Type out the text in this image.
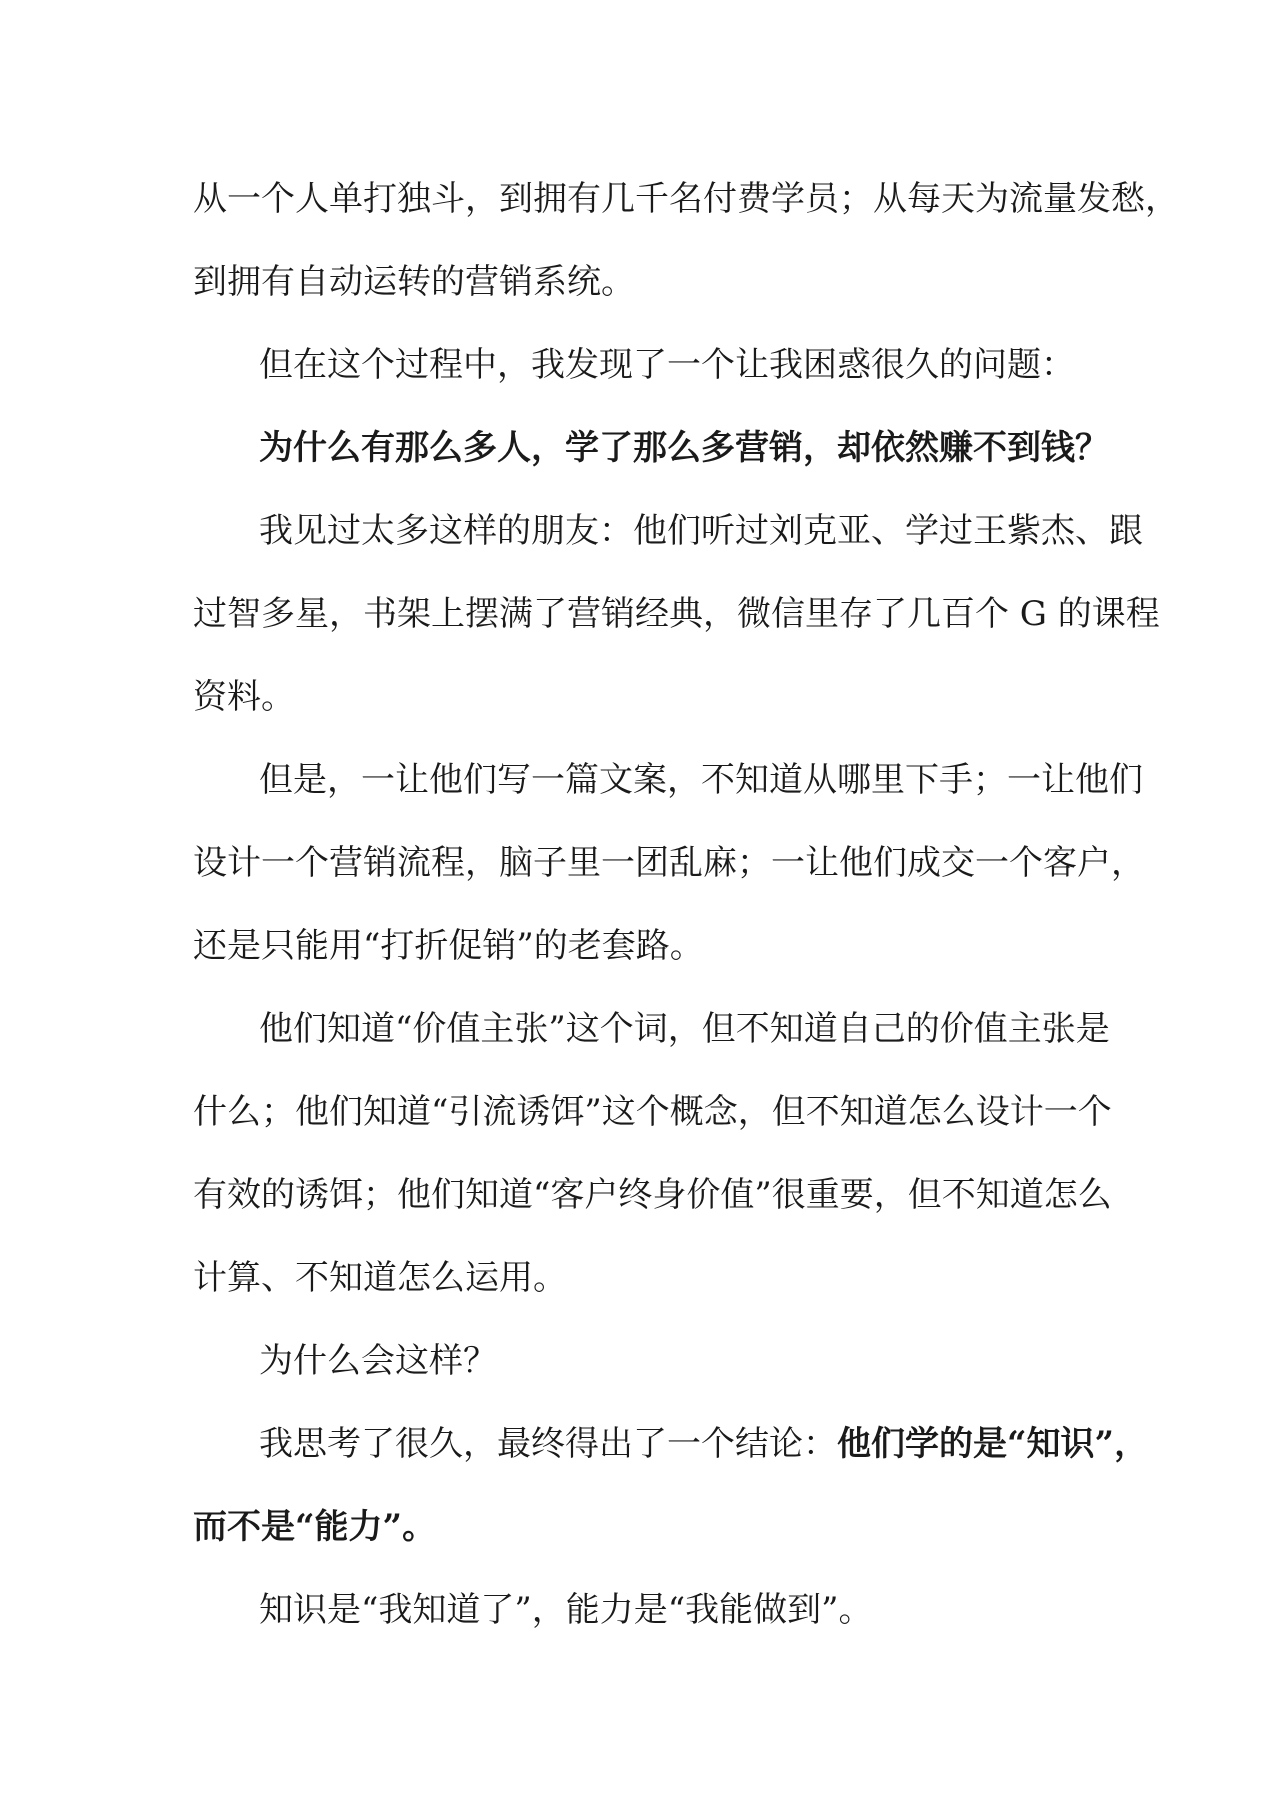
从一个人单打独斗，到拥有几千名付费学员；从每天为流量发愁，
到拥有自动运转的营销系统。
但在这个过程中，我发现了一个让我困惑很久的问题：
为什么有那么多人，学了那么多营销，却依然赚不到钱？
我见过太多这样的朋友：他们听过刘克亚、学过王紫杰、跟
过智多星，书架上摆满了营销经典，微信里存了几百个 G 的课程
资料。
但是，一让他们写一篇文案，不知道从哪里下手；一让他们
设计一个营销流程，脑子里一团乱麻；一让他们成交一个客户，
还是只能用“打折促销”的老套路。
他们知道“价值主张”这个词，但不知道自己的价值主张是
什么；他们知道“引流诱饵”这个概念，但不知道怎么设计一个
有效的诱饵；他们知道“客户终身价值”很重要，但不知道怎么
计算、不知道怎么运用。
为什么会这样？
我思考了很久，最终得出了一个结论：他们学的是“知识”，
而不是“能力”。
知识是“我知道了”，能力是“我能做到”。
